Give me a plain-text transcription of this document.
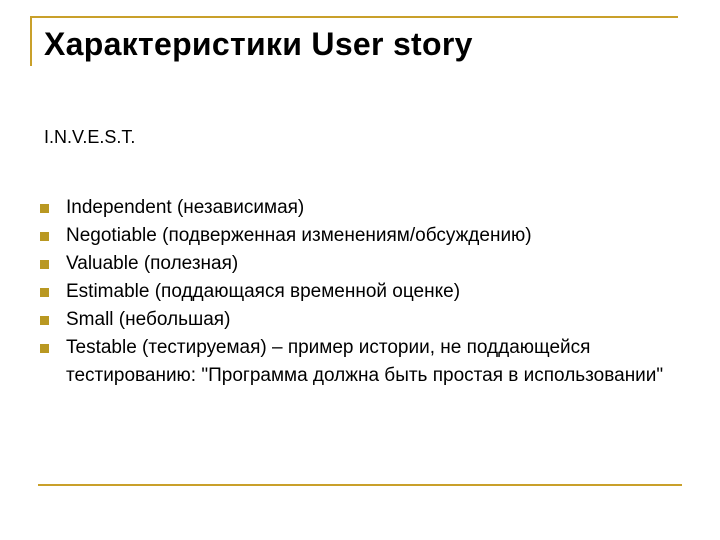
Характеристики User story
I.N.V.E.S.T.
Independent (независимая)
Negotiable (подверженная изменениям/обсуждению)
Valuable (полезная)
Estimable (поддающаяся временной оценке)
Small (небольшая)
Testable (тестируемая) – пример истории, не поддающейся тестированию: "Программа должна быть простая в использовании"
